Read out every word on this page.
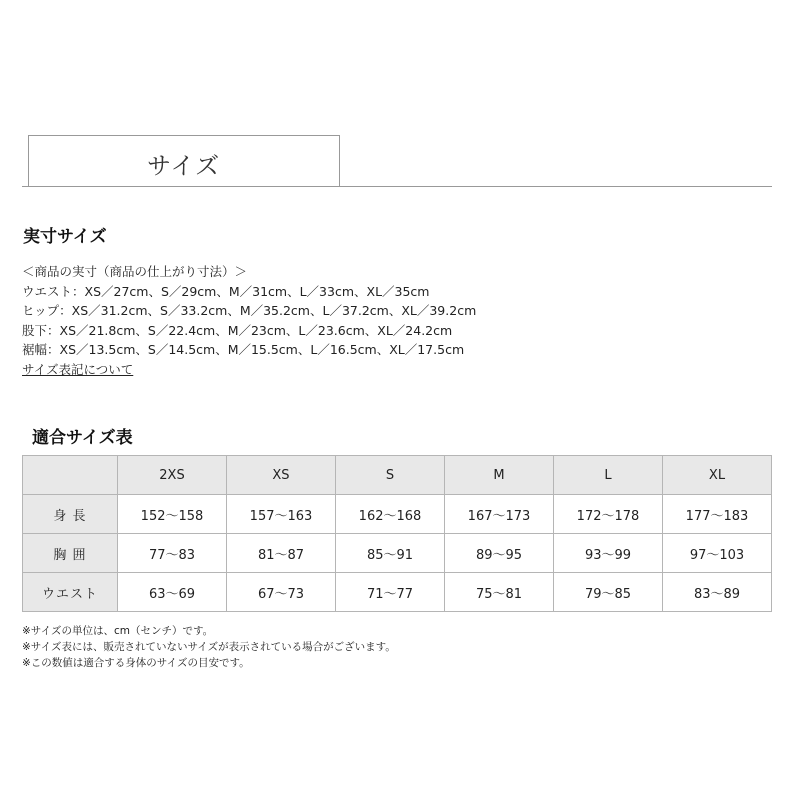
サイズ
実寸サイズ
＜商品の実寸（商品の仕上がり寸法）＞
ウエスト：XS／27cm、S／29cm、M／31cm、L／33cm、XL／35cm
ヒップ：XS／31.2cm、S／33.2cm、M／35.2cm、L／37.2cm、XL／39.2cm
股下：XS／21.8cm、S／22.4cm、M／23cm、L／23.6cm、XL／24.2cm
裾幅：XS／13.5cm、S／14.5cm、M／15.5cm、L／16.5cm、XL／17.5cm
サイズ表記について
適合サイズ表
	2XS	XS	S	M	L	XL
身 長	152〜158	157〜163	162〜168	167〜173	172〜178	177〜183
胸 囲	77〜83	81〜87	85〜91	89〜95	93〜99	97〜103
ウエスト	63〜69	67〜73	71〜77	75〜81	79〜85	83〜89
※サイズの単位は、cm（センチ）です。
※サイズ表には、販売されていないサイズが表示されている場合がございます。
※この数値は適合する身体のサイズの目安です。
